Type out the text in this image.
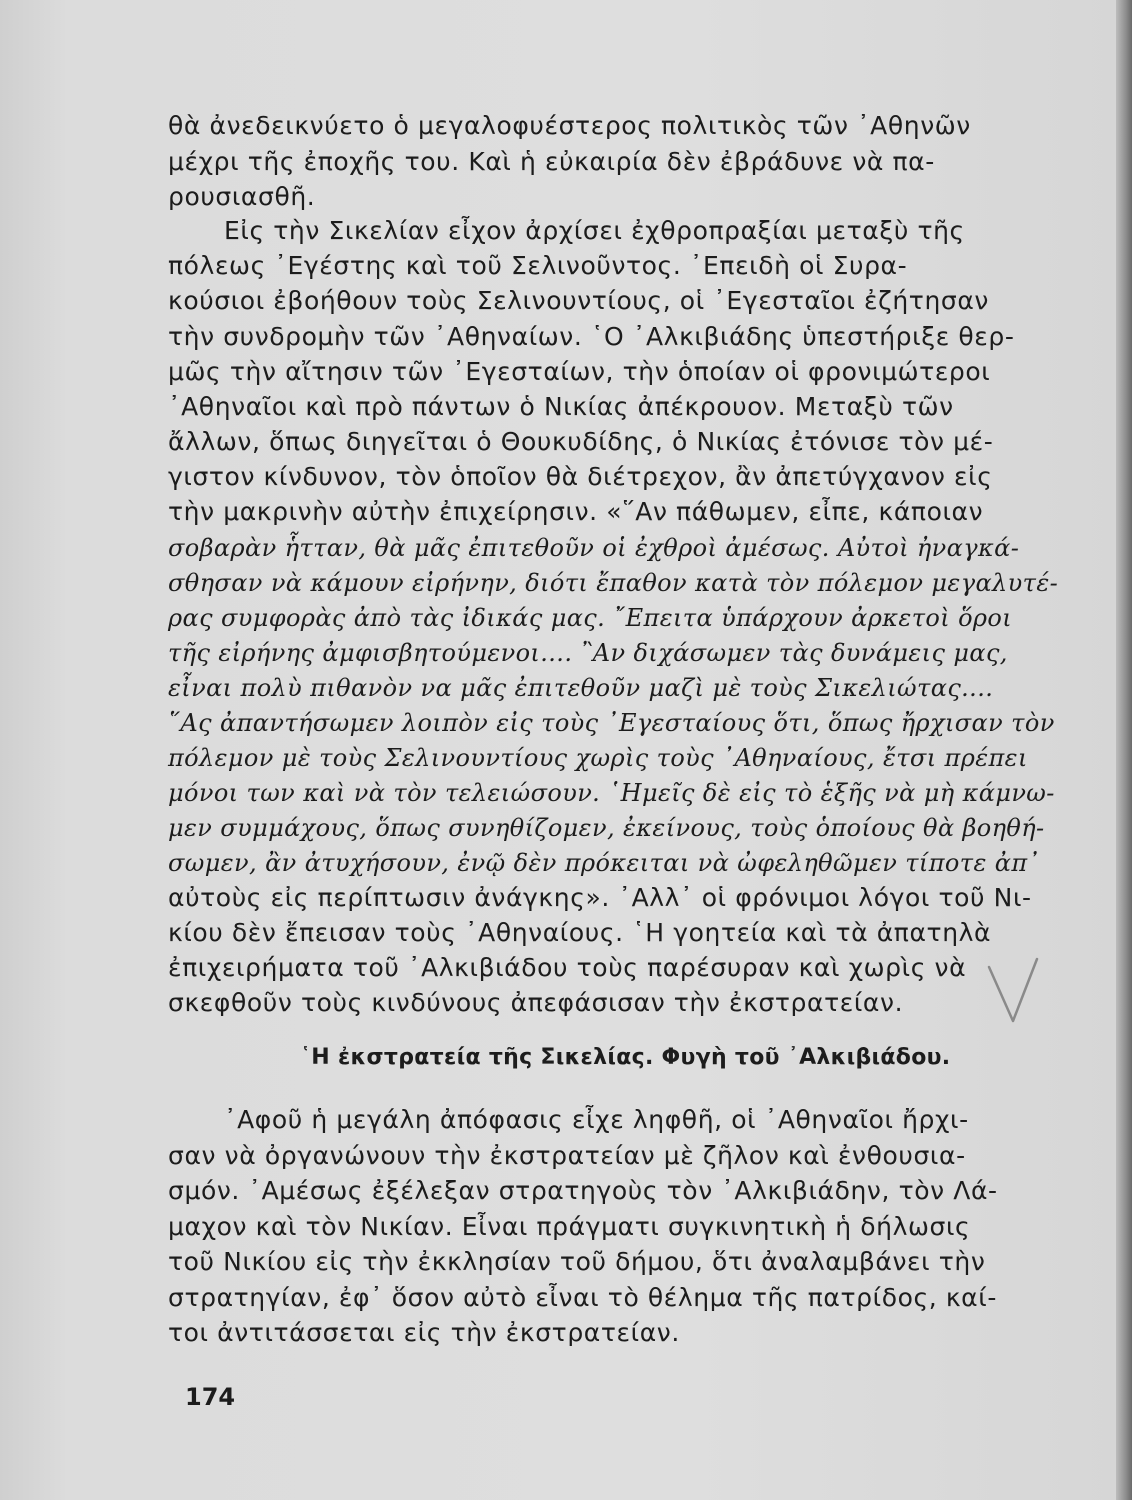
θὰ ἀνεδεικνύετο ὁ μεγαλοφυέστερος πολιτικὸς τῶν ᾿Αθηνῶν
μέχρι τῆς ἐποχῆς του. Καὶ ἡ εὐκαιρία δὲν ἐβράδυνε νὰ πα-
ρουσιασθῆ.
Εἰς τὴν Σικελίαν εἶχον ἀρχίσει ἐχθροπραξίαι μεταξὺ τῆς
πόλεως ᾿Εγέστης καὶ τοῦ Σελινοῦντος. ᾿Επειδὴ οἱ Συρα-
κούσιοι ἐβοήθουν τοὺς Σελινουντίους, οἱ ᾿Εγεσταῖοι ἐζήτησαν
τὴν συνδρομὴν τῶν ᾿Αθηναίων. ῾Ο ᾿Αλκιβιάδης ὑπεστήριξε θερ-
μῶς τὴν αἴτησιν τῶν ᾿Εγεσταίων, τὴν ὁποίαν οἱ φρονιμώτεροι
᾿Αθηναῖοι καὶ πρὸ πάντων ὁ Νικίας ἀπέκρουον. Μεταξὺ τῶν
ἄλλων, ὅπως διηγεῖται ὁ Θουκυδίδης, ὁ Νικίας ἐτόνισε τὸν μέ-
γιστον κίνδυνον, τὸν ὁποῖον θὰ διέτρεχον, ἂν ἀπετύγχανον εἰς
τὴν μακρινὴν αὐτὴν ἐπιχείρησιν. «῞Αν πάθωμεν, εἶπε, κάποιαν
σοβαρὰν ἧτταν, θὰ μᾶς ἐπιτεθοῦν οἱ ἐχθροὶ ἀμέσως. Αὐτοὶ ἠναγκά-
σθησαν νὰ κάμουν εἰρήνην, διότι ἔπαθον κατὰ τὸν πόλεμον μεγαλυτέ-
ρας συμφορὰς ἀπὸ τὰς ἰδικάς μας. ῎Επειτα ὑπάρχουν ἀρκετοὶ ὅροι
τῆς εἰρήνης ἀμφισβητούμενοι.... ῍Αν διχάσωμεν τὰς δυνάμεις μας,
εἶναι πολὺ πιθανὸν να μᾶς ἐπιτεθοῦν μαζὶ μὲ τοὺς Σικελιώτας....
῞Ας ἀπαντήσωμεν λοιπὸν εἰς τοὺς ᾿Εγεσταίους ὅτι, ὅπως ἤρχισαν τὸν
πόλεμον μὲ τοὺς Σελινουντίους χωρὶς τοὺς ᾿Αθηναίους, ἔτσι πρέπει
μόνοι των καὶ νὰ τὸν τελειώσουν. ῾Ημεῖς δὲ εἰς τὸ ἑξῆς νὰ μὴ κάμνω-
μεν συμμάχους, ὅπως συνηθίζομεν, ἐκείνους, τοὺς ὁποίους θὰ βοηθή-
σωμεν, ἂν ἀτυχήσουν, ἐνῷ δὲν πρόκειται νὰ ὠφεληθῶμεν τίποτε ἀπ᾿
αὐτοὺς εἰς περίπτωσιν ἀνάγκης». ᾿Αλλ᾿ οἱ φρόνιμοι λόγοι τοῦ Νι-
κίου δὲν ἔπεισαν τοὺς ᾿Αθηναίους. ῾Η γοητεία καὶ τὰ ἀπατηλὰ
ἐπιχειρήματα τοῦ ᾿Αλκιβιάδου τοὺς παρέσυραν καὶ χωρὶς νὰ
σκεφθοῦν τοὺς κινδύνους ἀπεφάσισαν τὴν ἐκστρατείαν.
῾Η ἐκστρατεία τῆς Σικελίας. Φυγὴ τοῦ ᾿Αλκιβιάδου.
᾿Αφοῦ ἡ μεγάλη ἀπόφασις εἶχε ληφθῆ, οἱ ᾿Αθηναῖοι ἤρχι-
σαν νὰ ὀργανώνουν τὴν ἐκστρατείαν μὲ ζῆλον καὶ ἐνθουσια-
σμόν. ᾿Αμέσως ἐξέλεξαν στρατηγοὺς τὸν ᾿Αλκιβιάδην, τὸν Λά-
μαχον καὶ τὸν Νικίαν. Εἶναι πράγματι συγκινητικὴ ἡ δήλωσις
τοῦ Νικίου εἰς τὴν ἐκκλησίαν τοῦ δήμου, ὅτι ἀναλαμβάνει τὴν
στρατηγίαν, ἐφ᾿ ὅσον αὐτὸ εἶναι τὸ θέλημα τῆς πατρίδος, καί-
τοι ἀντιτάσσεται εἰς τὴν ἐκστρατείαν.
174
